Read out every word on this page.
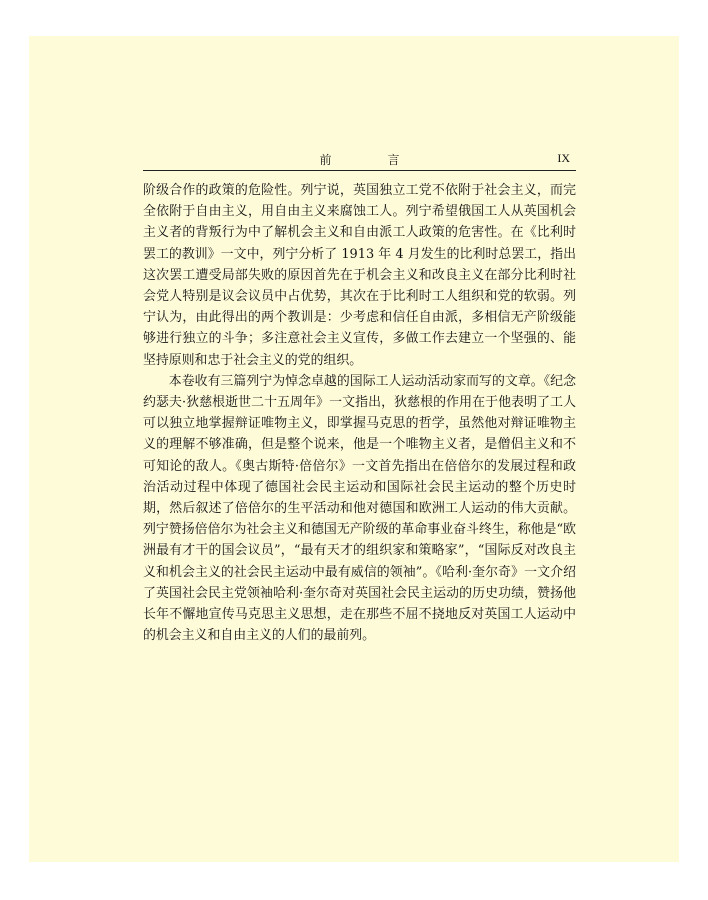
前　言	IX

阶级合作的政策的危险性。列宁说，英国独立工党不依附于社会主义，而完全依附于自由主义，用自由主义来腐蚀工人。列宁希望俄国工人从英国机会主义者的背叛行为中了解机会主义和自由派工人政策的危害性。在《比利时罢工的教训》一文中，列宁分析了 1913 年 4 月发生的比利时总罢工，指出这次罢工遭受局部失败的原因首先在于机会主义和改良主义在部分比利时社会党人特别是议会议员中占优势，其次在于比利时工人组织和党的软弱。列宁认为，由此得出的两个教训是：少考虑和信任自由派，多相信无产阶级能够进行独立的斗争；多注意社会主义宣传，多做工作去建立一个坚强的、能坚持原则和忠于社会主义的党的组织。

本卷收有三篇列宁为悼念卓越的国际工人运动活动家而写的文章。《纪念约瑟夫·狄慈根逝世二十五周年》一文指出，狄慈根的作用在于他表明了工人可以独立地掌握辩证唯物主义，即掌握马克思的哲学，虽然他对辩证唯物主义的理解不够准确，但是整个说来，他是一个唯物主义者，是僧侣主义和不可知论的敌人。《奥古斯特·倍倍尔》一文首先指出在倍倍尔的发展过程和政治活动过程中体现了德国社会民主运动和国际社会民主运动的整个历史时期，然后叙述了倍倍尔的生平活动和他对德国和欧洲工人运动的伟大贡献。列宁赞扬倍倍尔为社会主义和德国无产阶级的革命事业奋斗终生，称他是“欧洲最有才干的国会议员”，“最有天才的组织家和策略家”，“国际反对改良主义和机会主义的社会民主运动中最有威信的领袖”。《哈利·奎尔奇》一文介绍了英国社会民主党领袖哈利·奎尔奇对英国社会民主运动的历史功绩，赞扬他长年不懈地宣传马克思主义思想，走在那些不屈不挠地反对英国工人运动中的机会主义和自由主义的人们的最前列。
